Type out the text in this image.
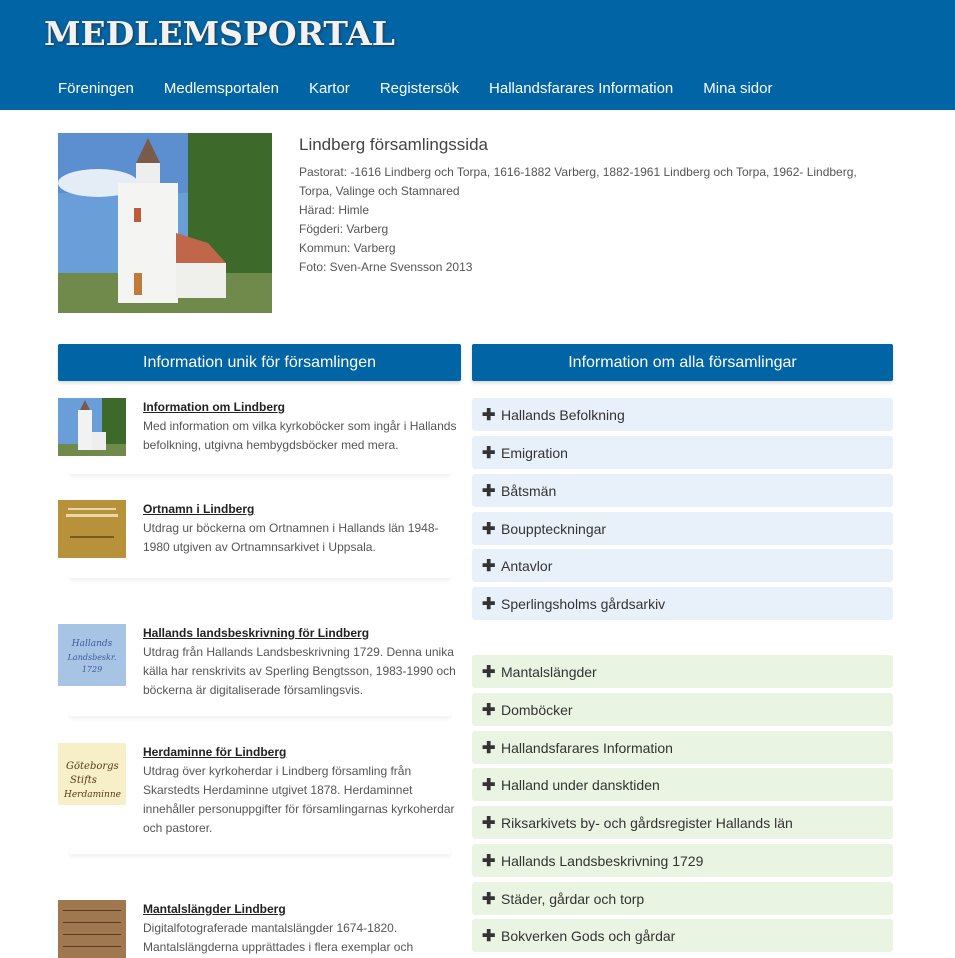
MEDLEMSPORTAL
Föreningen Medlemsportalen Kartor Registersök Hallandsfarares Information Mina sidor
Lindberg församlingssida

Pastorat: -1616 Lindberg och Torpa, 1616-1882 Varberg, 1882-1961 Lindberg och Torpa, 1962- Lindberg, Torpa, Valinge och Stamnared

Härad: Himle

Fögderi: Varberg

Kommun: Varberg

Foto: Sven-Arne Svensson 2013

Information unik för församlingen	Information om alla församlingar
Information om Lindberg

Med information om vilka kyrkoböcker som ingår i Hallands befolkning, utgivna hembygdsböcker med mera.

Ortnamn i Lindberg

Utdrag ur böckerna om Ortnamnen i Hallands län 1948-1980 utgiven av Ortnamnsarkivet i Uppsala.

Hallands
Landsbeskr.
1729
Hallands landsbeskrivning för Lindberg

Utdrag från Hallands Landsbeskrivning 1729. Denna unika källa har renskrivits av Sperling Bengtsson, 1983-1990 och böckerna är digitaliserade församlingsvis.

Göteborgs
Stifts
Herdaminne
Herdaminne för Lindberg

Utdrag över kyrkoherdar i Lindberg församling från Skarstedts Herdaminne utgivet 1878. Herdaminnet innehåller personuppgifter för församlingarnas kyrkoherdar och pastorer.

Mantalslängder Lindberg

Digitalfotograferade mantalslängder 1674-1820. Mantalslängderna upprättades i flera exemplar och

✚ Hallands Befolkning
✚ Emigration
✚ Båtsmän
✚ Bouppteckningar
✚ Antavlor
✚ Sperlingsholms gårdsarkiv
✚ Mantalslängder
✚ Domböcker
✚ Hallandsfarares Information
✚ Halland under dansktiden
✚ Riksarkivets by- och gårdsregister Hallands län
✚ Hallands Landsbeskrivning 1729
✚ Städer, gårdar och torp
✚ Bokverken Gods och gårdar
